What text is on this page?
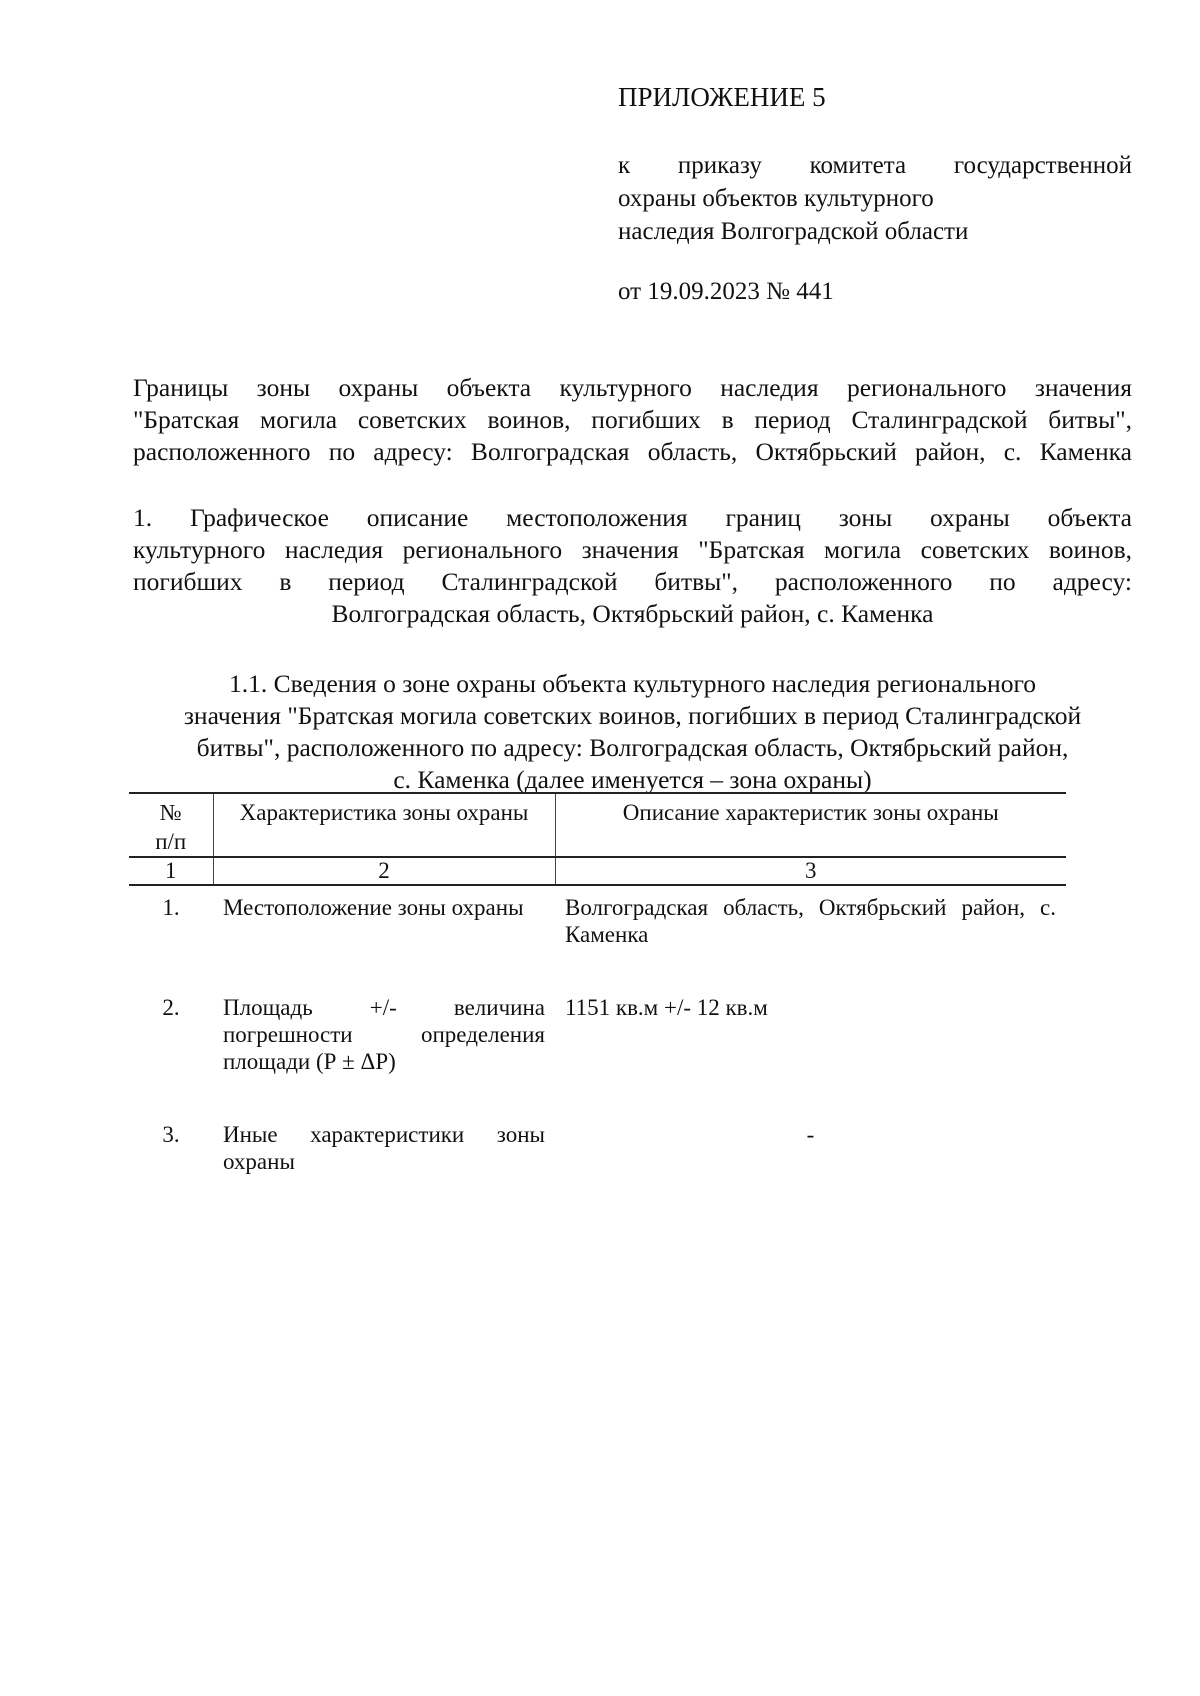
ПРИЛОЖЕНИЕ 5
к приказу комитета государственной
охраны объектов культурного
наследия Волгоградской области
от 19.09.2023 № 441
Границы зоны охраны объекта культурного наследия регионального значения
"Братская могила советских воинов, погибших в период Сталинградской битвы",
расположенного по адресу: Волгоградская область, Октябрьский район, с. Каменка
1. Графическое описание местоположения границ зоны охраны объекта
культурного наследия регионального значения "Братская могила советских воинов,
погибших в период Сталинградской битвы", расположенного по адресу:
Волгоградская область, Октябрьский район, с. Каменка
1.1. Сведения о зоне охраны объекта культурного наследия регионального
значения "Братская могила советских воинов, погибших в период Сталинградской
битвы", расположенного по адресу: Волгоградская область, Октябрьский район,
с. Каменка (далее именуется – зона охраны)
№
п/п	Характеристика зоны охраны	Описание характеристик зоны охраны
1	2	3
1.	Местоположение зоны охраны	Волгоградская область, Октябрьский район, с. Каменка

2.	Площадь +/- величина погрешности определения площади (Р ± ΔР)	1151 кв.м +/- 12 кв.м

3.	Иные характеристики зоны охраны	-
